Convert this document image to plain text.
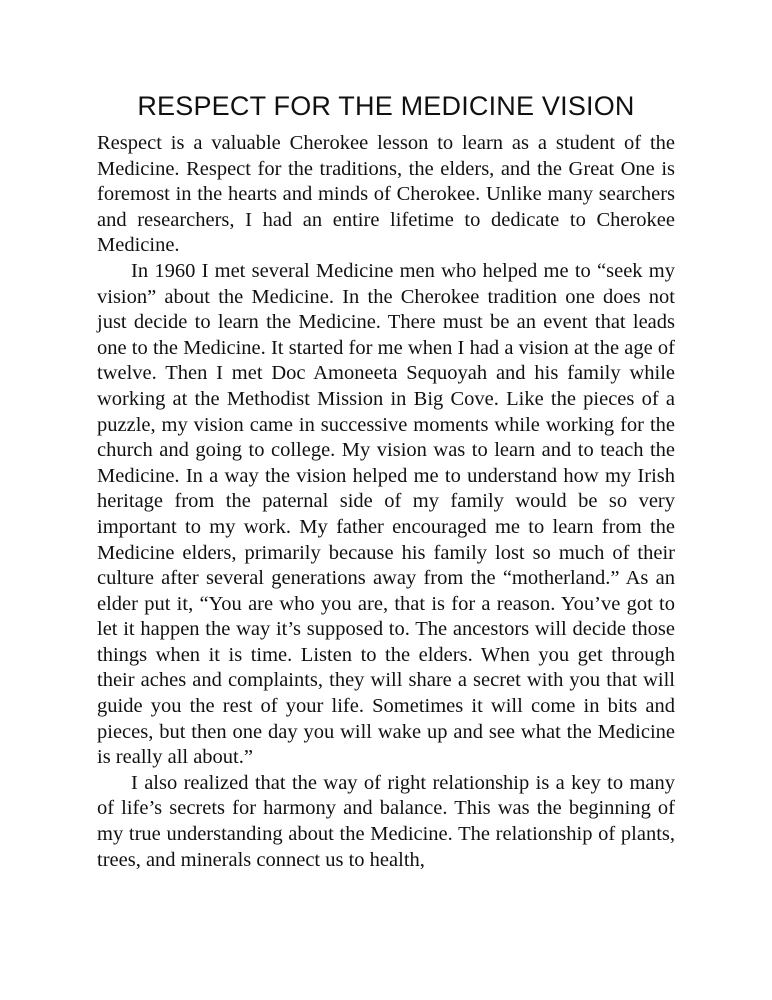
RESPECT FOR THE MEDICINE VISION

Respect is a valuable Cherokee lesson to learn as a student of the Medicine. Respect for the traditions, the elders, and the Great One is foremost in the hearts and minds of Cherokee. Unlike many searchers and researchers, I had an entire lifetime to dedicate to Cherokee Medicine.

In 1960 I met several Medicine men who helped me to “seek my vision” about the Medicine. In the Cherokee tradition one does not just decide to learn the Medicine. There must be an event that leads one to the Medicine. It started for me when I had a vision at the age of twelve. Then I met Doc Amoneeta Sequoyah and his family while working at the Methodist Mission in Big Cove. Like the pieces of a puzzle, my vision came in successive moments while working for the church and going to college. My vision was to learn and to teach the Medicine. In a way the vision helped me to understand how my Irish heritage from the paternal side of my family would be so very important to my work. My father encouraged me to learn from the Medicine elders, primarily because his family lost so much of their culture after several generations away from the “motherland.” As an elder put it, “You are who you are, that is for a reason. You’ve got to let it happen the way it’s supposed to. The ancestors will decide those things when it is time. Listen to the elders. When you get through their aches and complaints, they will share a secret with you that will guide you the rest of your life. Sometimes it will come in bits and pieces, but then one day you will wake up and see what the Medicine is really all about.”

I also realized that the way of right relationship is a key to many of life’s secrets for harmony and balance. This was the beginning of my true understanding about the Medicine. The relationship of plants, trees, and minerals connect us to health,
